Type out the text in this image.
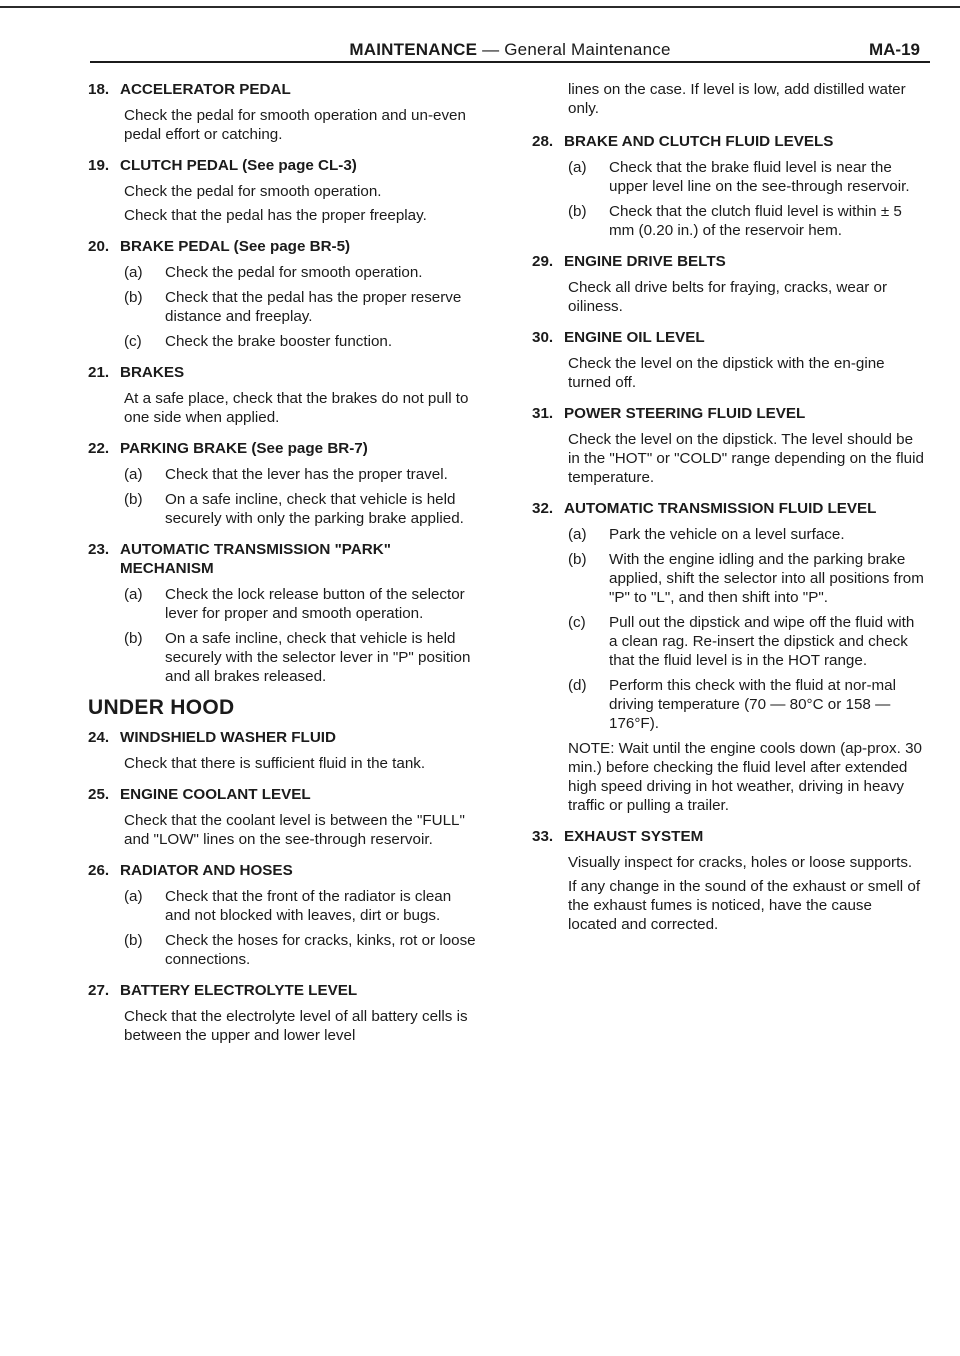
MAINTENANCE — General Maintenance	MA-19
18. ACCELERATOR PEDAL
Check the pedal for smooth operation and un-even pedal effort or catching.
19. CLUTCH PEDAL (See page CL-3)
Check the pedal for smooth operation.
Check that the pedal has the proper freeplay.
20. BRAKE PEDAL (See page BR-5)
(a) Check the pedal for smooth operation.
(b) Check that the pedal has the proper reserve distance and freeplay.
(c) Check the brake booster function.
21. BRAKES
At a safe place, check that the brakes do not pull to one side when applied.
22. PARKING BRAKE (See page BR-7)
(a) Check that the lever has the proper travel.
(b) On a safe incline, check that vehicle is held securely with only the parking brake applied.
23. AUTOMATIC TRANSMISSION "PARK" MECHANISM
(a) Check the lock release button of the selector lever for proper and smooth operation.
(b) On a safe incline, check that vehicle is held securely with the selector lever in "P" position and all brakes released.
UNDER HOOD
24. WINDSHIELD WASHER FLUID
Check that there is sufficient fluid in the tank.
25. ENGINE COOLANT LEVEL
Check that the coolant level is between the "FULL" and "LOW" lines on the see-through reservoir.
26. RADIATOR AND HOSES
(a) Check that the front of the radiator is clean and not blocked with leaves, dirt or bugs.
(b) Check the hoses for cracks, kinks, rot or loose connections.
27. BATTERY ELECTROLYTE LEVEL
Check that the electrolyte level of all battery cells is between the upper and lower level
lines on the case. If level is low, add distilled water only.
28. BRAKE AND CLUTCH FLUID LEVELS
(a) Check that the brake fluid level is near the upper level line on the see-through reservoir.
(b) Check that the clutch fluid level is within ± 5 mm (0.20 in.) of the reservoir hem.
29. ENGINE DRIVE BELTS
Check all drive belts for fraying, cracks, wear or oiliness.
30. ENGINE OIL LEVEL
Check the level on the dipstick with the en-gine turned off.
31. POWER STEERING FLUID LEVEL
Check the level on the dipstick. The level should be in the "HOT" or "COLD" range depending on the fluid temperature.
32. AUTOMATIC TRANSMISSION FLUID LEVEL
(a) Park the vehicle on a level surface.
(b) With the engine idling and the parking brake applied, shift the selector into all positions from "P" to "L", and then shift into "P".
(c) Pull out the dipstick and wipe off the fluid with a clean rag. Re-insert the dipstick and check that the fluid level is in the HOT range.
(d) Perform this check with the fluid at nor-mal driving temperature (70 — 80°C or 158 — 176°F).
NOTE: Wait until the engine cools down (ap-prox. 30 min.) before checking the fluid level after extended high speed driving in hot weather, driving in heavy traffic or pulling a trailer.
33. EXHAUST SYSTEM
Visually inspect for cracks, holes or loose supports.
If any change in the sound of the exhaust or smell of the exhaust fumes is noticed, have the cause located and corrected.
